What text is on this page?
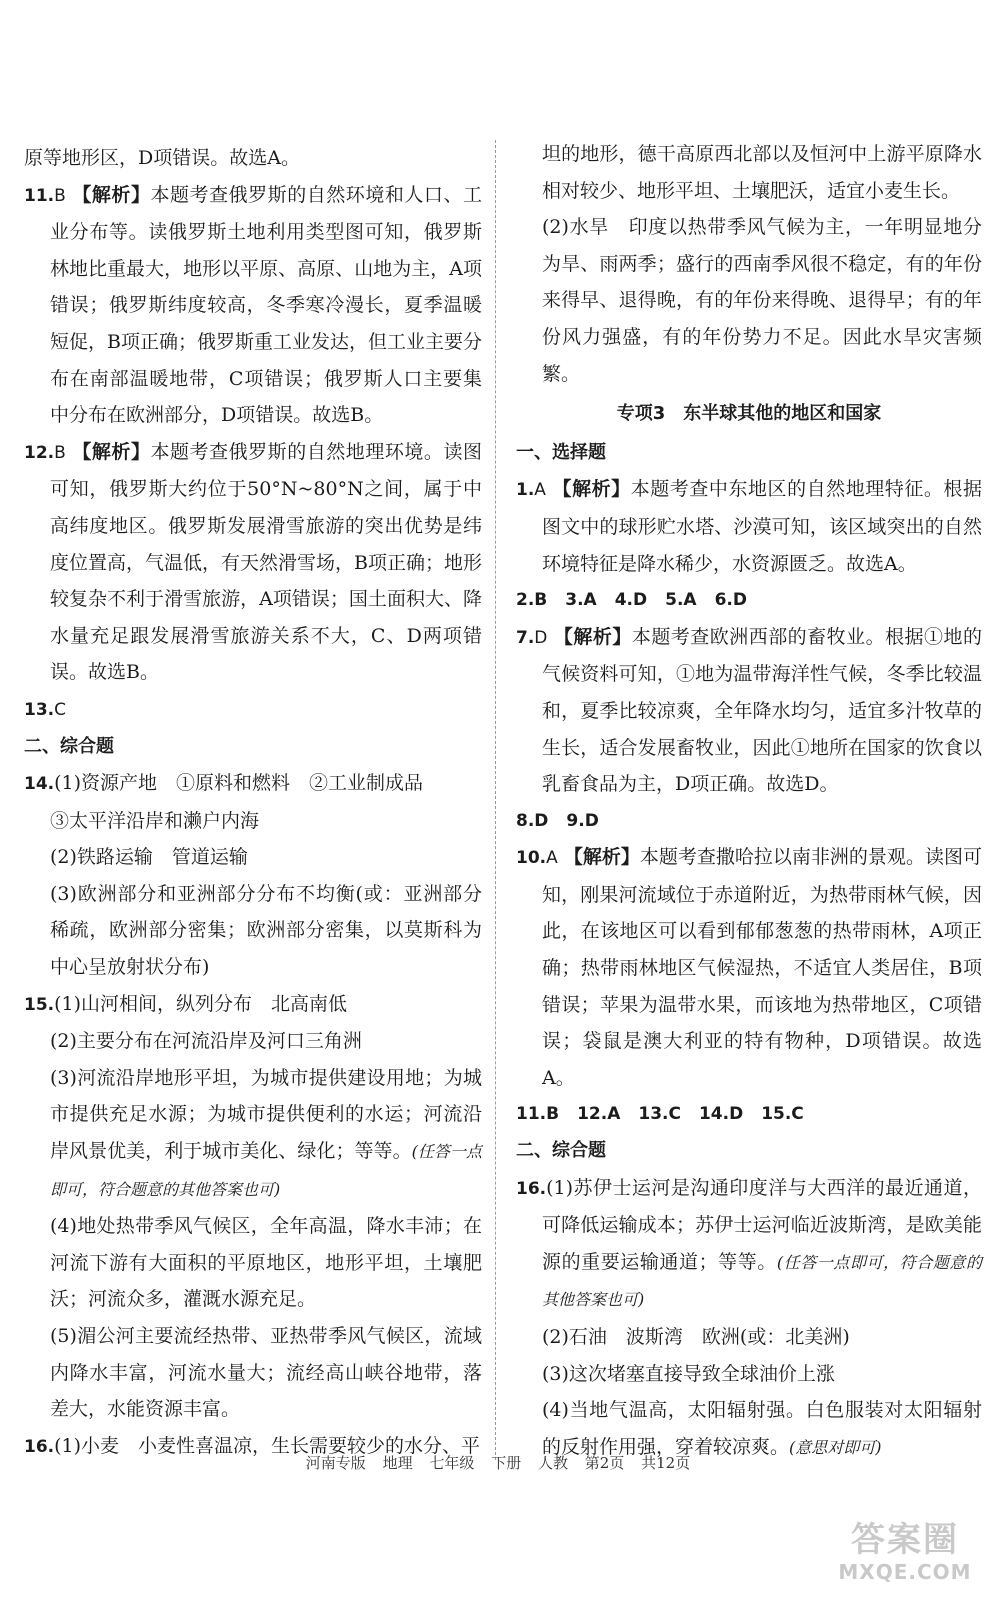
原等地形区，D项错误。故选A。

11.B 【解析】本题考查俄罗斯的自然环境和人口、工业分布等。读俄罗斯土地利用类型图可知，俄罗斯林地比重最大，地形以平原、高原、山地为主，A项错误；俄罗斯纬度较高，冬季寒冷漫长，夏季温暖短促，B项正确；俄罗斯重工业发达，但工业主要分布在南部温暖地带，C项错误；俄罗斯人口主要集中分布在欧洲部分，D项错误。故选B。

12.B 【解析】本题考查俄罗斯的自然地理环境。读图可知，俄罗斯大约位于50°N~80°N之间，属于中高纬度地区。俄罗斯发展滑雪旅游的突出优势是纬度位置高，气温低，有天然滑雪场，B项正确；地形较复杂不利于滑雪旅游，A项错误；国土面积大、降水量充足跟发展滑雪旅游关系不大，C、D两项错误。故选B。

13.C

二、综合题

14.(1)资源产地　①原料和燃料　②工业制成品

③太平洋沿岸和濑户内海

(2)铁路运输　管道运输

(3)欧洲部分和亚洲部分分布不均衡(或：亚洲部分稀疏，欧洲部分密集；欧洲部分密集，以莫斯科为中心呈放射状分布)

15.(1)山河相间，纵列分布　北高南低

(2)主要分布在河流沿岸及河口三角洲

(3)河流沿岸地形平坦，为城市提供建设用地；为城市提供充足水源；为城市提供便利的水运；河流沿岸风景优美，利于城市美化、绿化；等等。(任答一点即可，符合题意的其他答案也可)

(4)地处热带季风气候区，全年高温，降水丰沛；在河流下游有大面积的平原地区，地形平坦，土壤肥沃；河流众多，灌溉水源充足。

(5)湄公河主要流经热带、亚热带季风气候区，流域内降水丰富，河流水量大；流经高山峡谷地带，落差大，水能资源丰富。

16.(1)小麦　小麦性喜温凉，生长需要较少的水分、平

坦的地形，德干高原西北部以及恒河中上游平原降水相对较少、地形平坦、土壤肥沃，适宜小麦生长。

(2)水旱　印度以热带季风气候为主，一年明显地分为旱、雨两季；盛行的西南季风很不稳定，有的年份来得早、退得晚，有的年份来得晚、退得早；有的年份风力强盛，有的年份势力不足。因此水旱灾害频繁。

专项3　东半球其他的地区和国家

一、选择题

1.A 【解析】本题考查中东地区的自然地理特征。根据图文中的球形贮水塔、沙漠可知，该区域突出的自然环境特征是降水稀少，水资源匮乏。故选A。

2.B 3.A 4.D 5.A 6.D

7.D 【解析】本题考查欧洲西部的畜牧业。根据①地的气候资料可知，①地为温带海洋性气候，冬季比较温和，夏季比较凉爽，全年降水均匀，适宜多汁牧草的生长，适合发展畜牧业，因此①地所在国家的饮食以乳畜食品为主，D项正确。故选D。

8.D 9.D

10.A 【解析】本题考查撒哈拉以南非洲的景观。读图可知，刚果河流域位于赤道附近，为热带雨林气候，因此，在该地区可以看到郁郁葱葱的热带雨林，A项正确；热带雨林地区气候湿热，不适宜人类居住，B项错误；苹果为温带水果，而该地为热带地区，C项错误；袋鼠是澳大利亚的特有物种，D项错误。故选A。

11.B 12.A 13.C 14.D 15.C

二、综合题

16.(1)苏伊士运河是沟通印度洋与大西洋的最近通道，可降低运输成本；苏伊士运河临近波斯湾，是欧美能源的重要运输通道；等等。(任答一点即可，符合题意的其他答案也可)

(2)石油　波斯湾　欧洲(或：北美洲)

(3)这次堵塞直接导致全球油价上涨

(4)当地气温高，太阳辐射强。白色服装对太阳辐射的反射作用强，穿着较凉爽。(意思对即可)

河南专版 地理 七年级 下册 人教 第2页 共12页
答案圈
MXQE.COM
